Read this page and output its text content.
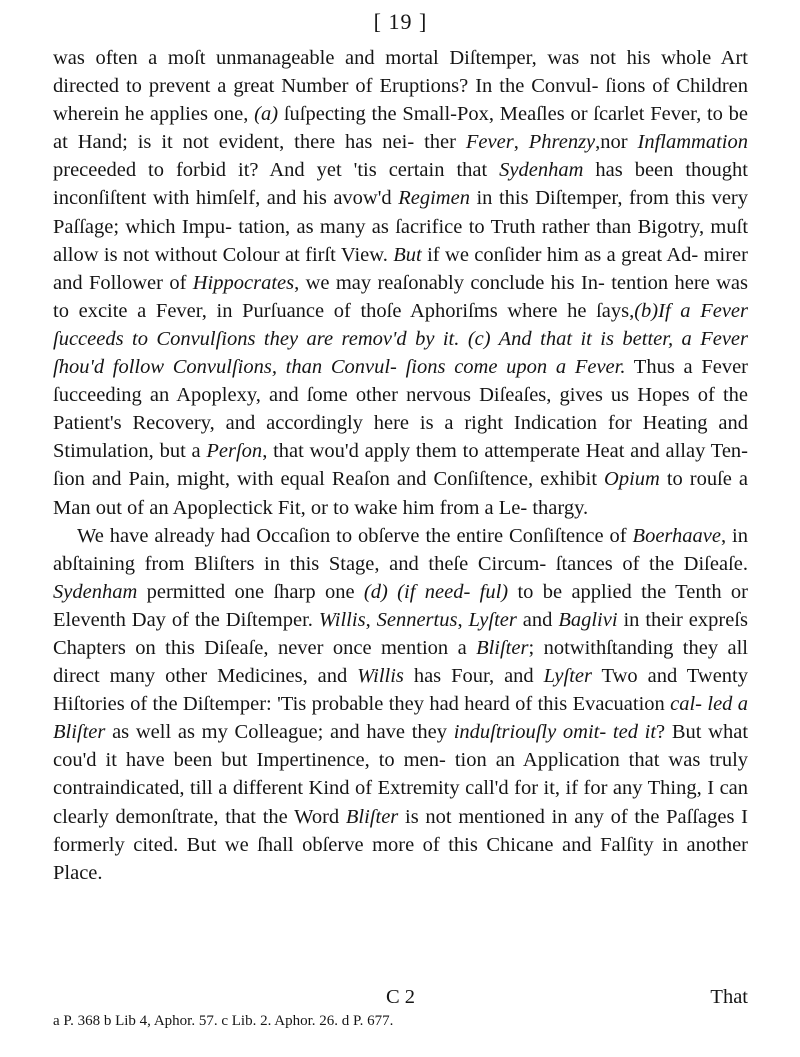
[ 19 ]

was often a moſt unmanageable and mortal Diſtemper, was not his whole Art directed to prevent a great Number of Eruptions? In the Convul- ſions of Children wherein he applies one, (a) ſuſpecting the Small-Pox, Meaſles or ſcarlet Fever, to be at Hand; is it not evident, there has nei- ther Fever, Phrenzy,nor Inflammation preceeded to forbid it? And yet 'tis certain that Sydenham has been thought inconſiſtent with himſelf, and his avow'd Regimen in this Diſtemper, from this very Paſſage; which Impu- tation, as many as ſacrifice to Truth rather than Bigotry, muſt allow is not without Colour at firſt View. But if we conſider him as a great Ad- mirer and Follower of Hippocrates, we may reaſonably conclude his In- tention here was to excite a Fever, in Purſuance of thoſe Aphoriſms where he ſays,(b)If a Fever ſucceeds to Convulſions they are remov'd by it. (c) And that it is better, a Fever ſhou'd follow Convulſions, than Convul- ſions come upon a Fever. Thus a Fever ſucceeding an Apoplexy, and ſome other nervous Diſeaſes, gives us Hopes of the Patient's Recovery, and accordingly here is a right Indication for Heating and Stimulation, but a Perſon, that wou'd apply them to attemperate Heat and allay Ten- ſion and Pain, might, with equal Reaſon and Conſiſtence, exhibit Opium to rouſe a Man out of an Apoplectick Fit, or to wake him from a Le- thargy.

We have already had Occaſion to obſerve the entire Conſiſtence of Boerhaave, in abſtaining from Bliſters in this Stage, and theſe Circum- ſtances of the Diſeaſe. Sydenham permitted one ſharp one (d) (if need- ful) to be applied the Tenth or Eleventh Day of the Diſtemper. Willis, Sennertus, Lyſter and Baglivi in their expreſs Chapters on this Diſeaſe, never once mention a Bliſter; notwithſtanding they all direct many other Medicines, and Willis has Four, and Lyſter Two and Twenty Hiſtories of the Diſtemper: 'Tis probable they had heard of this Evacuation cal- led a Bliſter as well as my Colleague; and have they induſtriouſly omit- ted it? But what cou'd it have been but Impertinence, to men- tion an Application that was truly contraindicated, till a different Kind of Extremity call'd for it, if for any Thing, I can clearly demonſtrate, that the Word Bliſter is not mentioned in any of the Paſſages I formerly cited. But we ſhall obſerve more of this Chicane and Falſity in another Place.

C 2	That
a P. 368 b Lib 4, Aphor. 57. c Lib. 2. Aphor. 26. d P. 677.
